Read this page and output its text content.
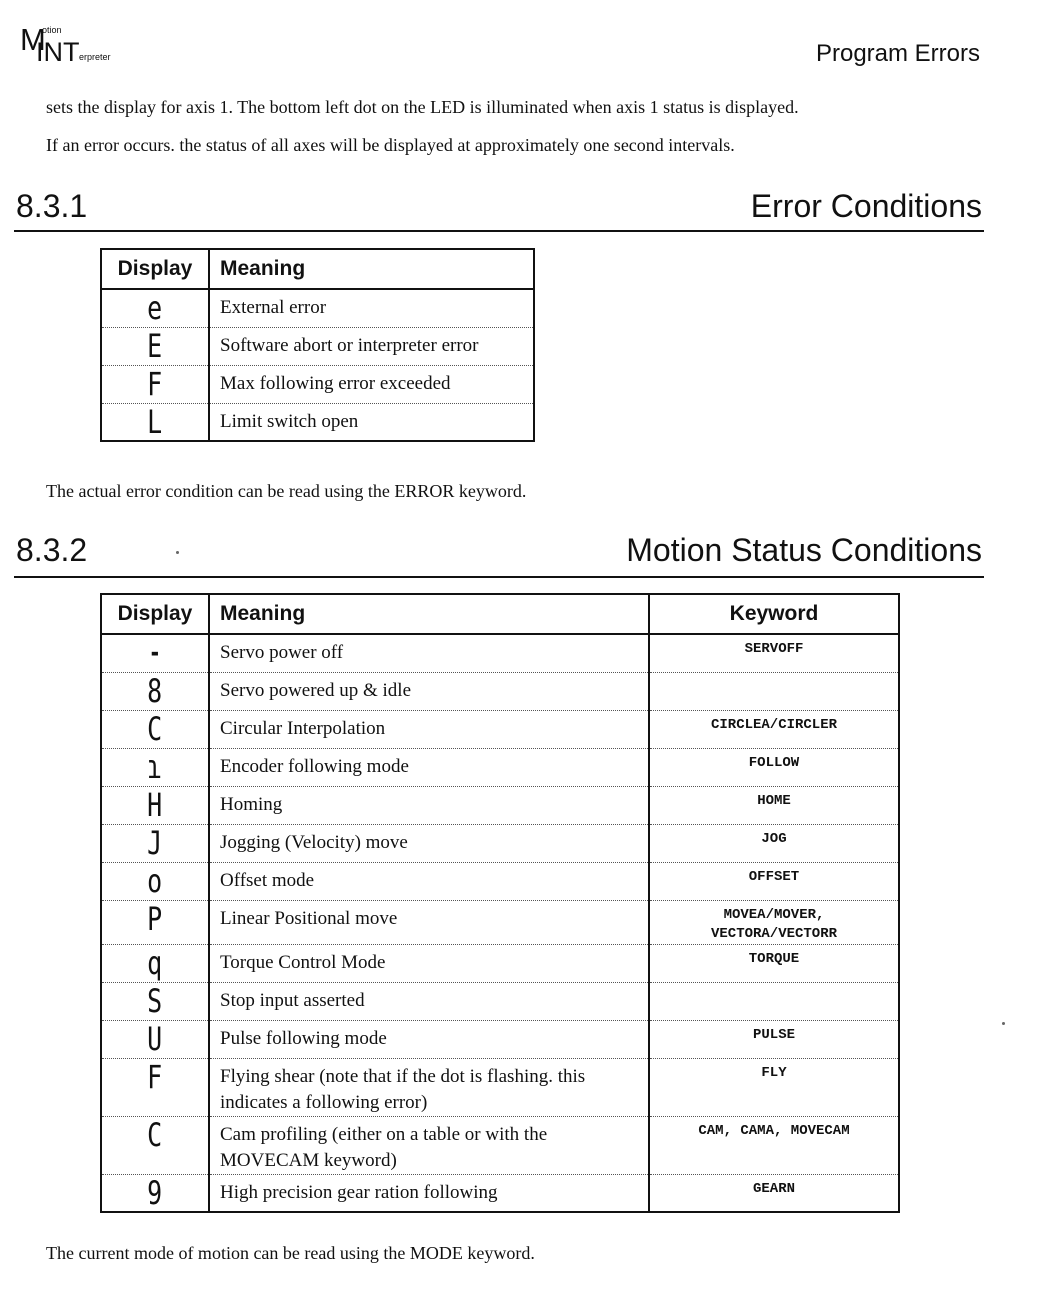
M
otion
INT erpreter	Program Errors
sets the display for axis 1. The bottom left dot on the LED is illuminated when axis 1 status is displayed.
If an error occurs. the status of all axes will be displayed at approximately one second intervals.
8.3.1	Error Conditions
Display	Meaning
e	External error
E	Software abort or interpreter error
F	Max following error exceeded
L	Limit switch open
The actual error condition can be read using the ERROR keyword.
8.3.2	Motion Status Conditions
Display	Meaning	Keyword
-	Servo power off	SERVOFF
8	Servo powered up & idle	
C	Circular Interpolation	CIRCLEA/CIRCLER
ɿ	Encoder following mode	FOLLOW
H	Homing	HOME
J	Jogging (Velocity) move	JOG
o	Offset mode	OFFSET
P	Linear Positional move	MOVEA/MOVER,
VECTORA/VECTORR
q	Torque Control Mode	TORQUE
S	Stop input asserted	
U	Pulse following mode	PULSE
F	Flying shear (note that if the dot is flashing. this indicates a following error)	FLY
C	Cam profiling (either on a table or with the MOVECAM keyword)	CAM, CAMA, MOVECAM
9	High precision gear ration following	GEARN
The current mode of motion can be read using the MODE keyword.
